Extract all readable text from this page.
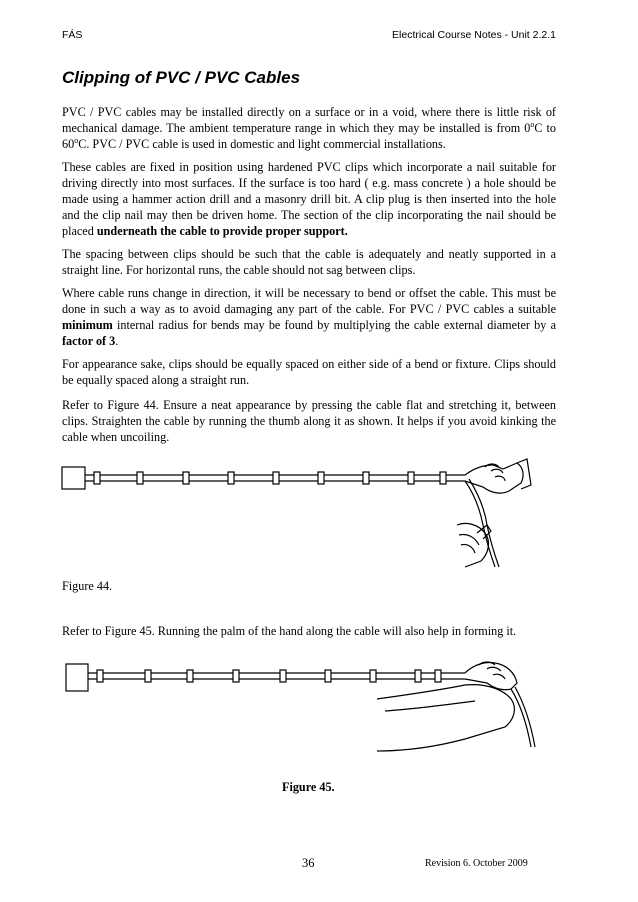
FÁS	Electrical Course Notes - Unit 2.2.1
Clipping of PVC / PVC Cables

PVC / PVC cables may be installed directly on a surface or in a void, where there is little risk of mechanical damage. The ambient temperature range in which they may be installed is from 0$^o$C to 60$^o$C. PVC / PVC cable is used in domestic and light commercial installations.

These cables are fixed in position using hardened PVC clips which incorporate a nail suitable for driving directly into most surfaces. If the surface is too hard ( e.g. mass concrete ) a hole should be made using a hammer action drill and a masonry drill bit. A clip plug is then inserted into the hole and the clip nail may then be driven home. The section of the clip incorporating the nail should be placed underneath the cable to provide proper support.

The spacing between clips should be such that the cable is adequately and neatly supported in a straight line. For horizontal runs, the cable should not sag between clips.

Where cable runs change in direction, it will be necessary to bend or offset the cable. This must be done in such a way as to avoid damaging any part of the cable. For PVC / PVC cables a suitable minimum internal radius for bends may be found by multiplying the cable external diameter by a factor of 3.

For appearance sake, clips should be equally spaced on either side of a bend or fixture. Clips should be equally spaced along a straight run.

Refer to Figure 44. Ensure a neat appearance by pressing the cable flat and stretching it, between clips. Straighten the cable by running the thumb along it as shown. It helps if you avoid kinking the cable when uncoiling.

Figure 44.

Refer to Figure 45. Running the palm of the hand along the cable will also help in forming it.

Figure 45.
36	Revision 6. October 2009
